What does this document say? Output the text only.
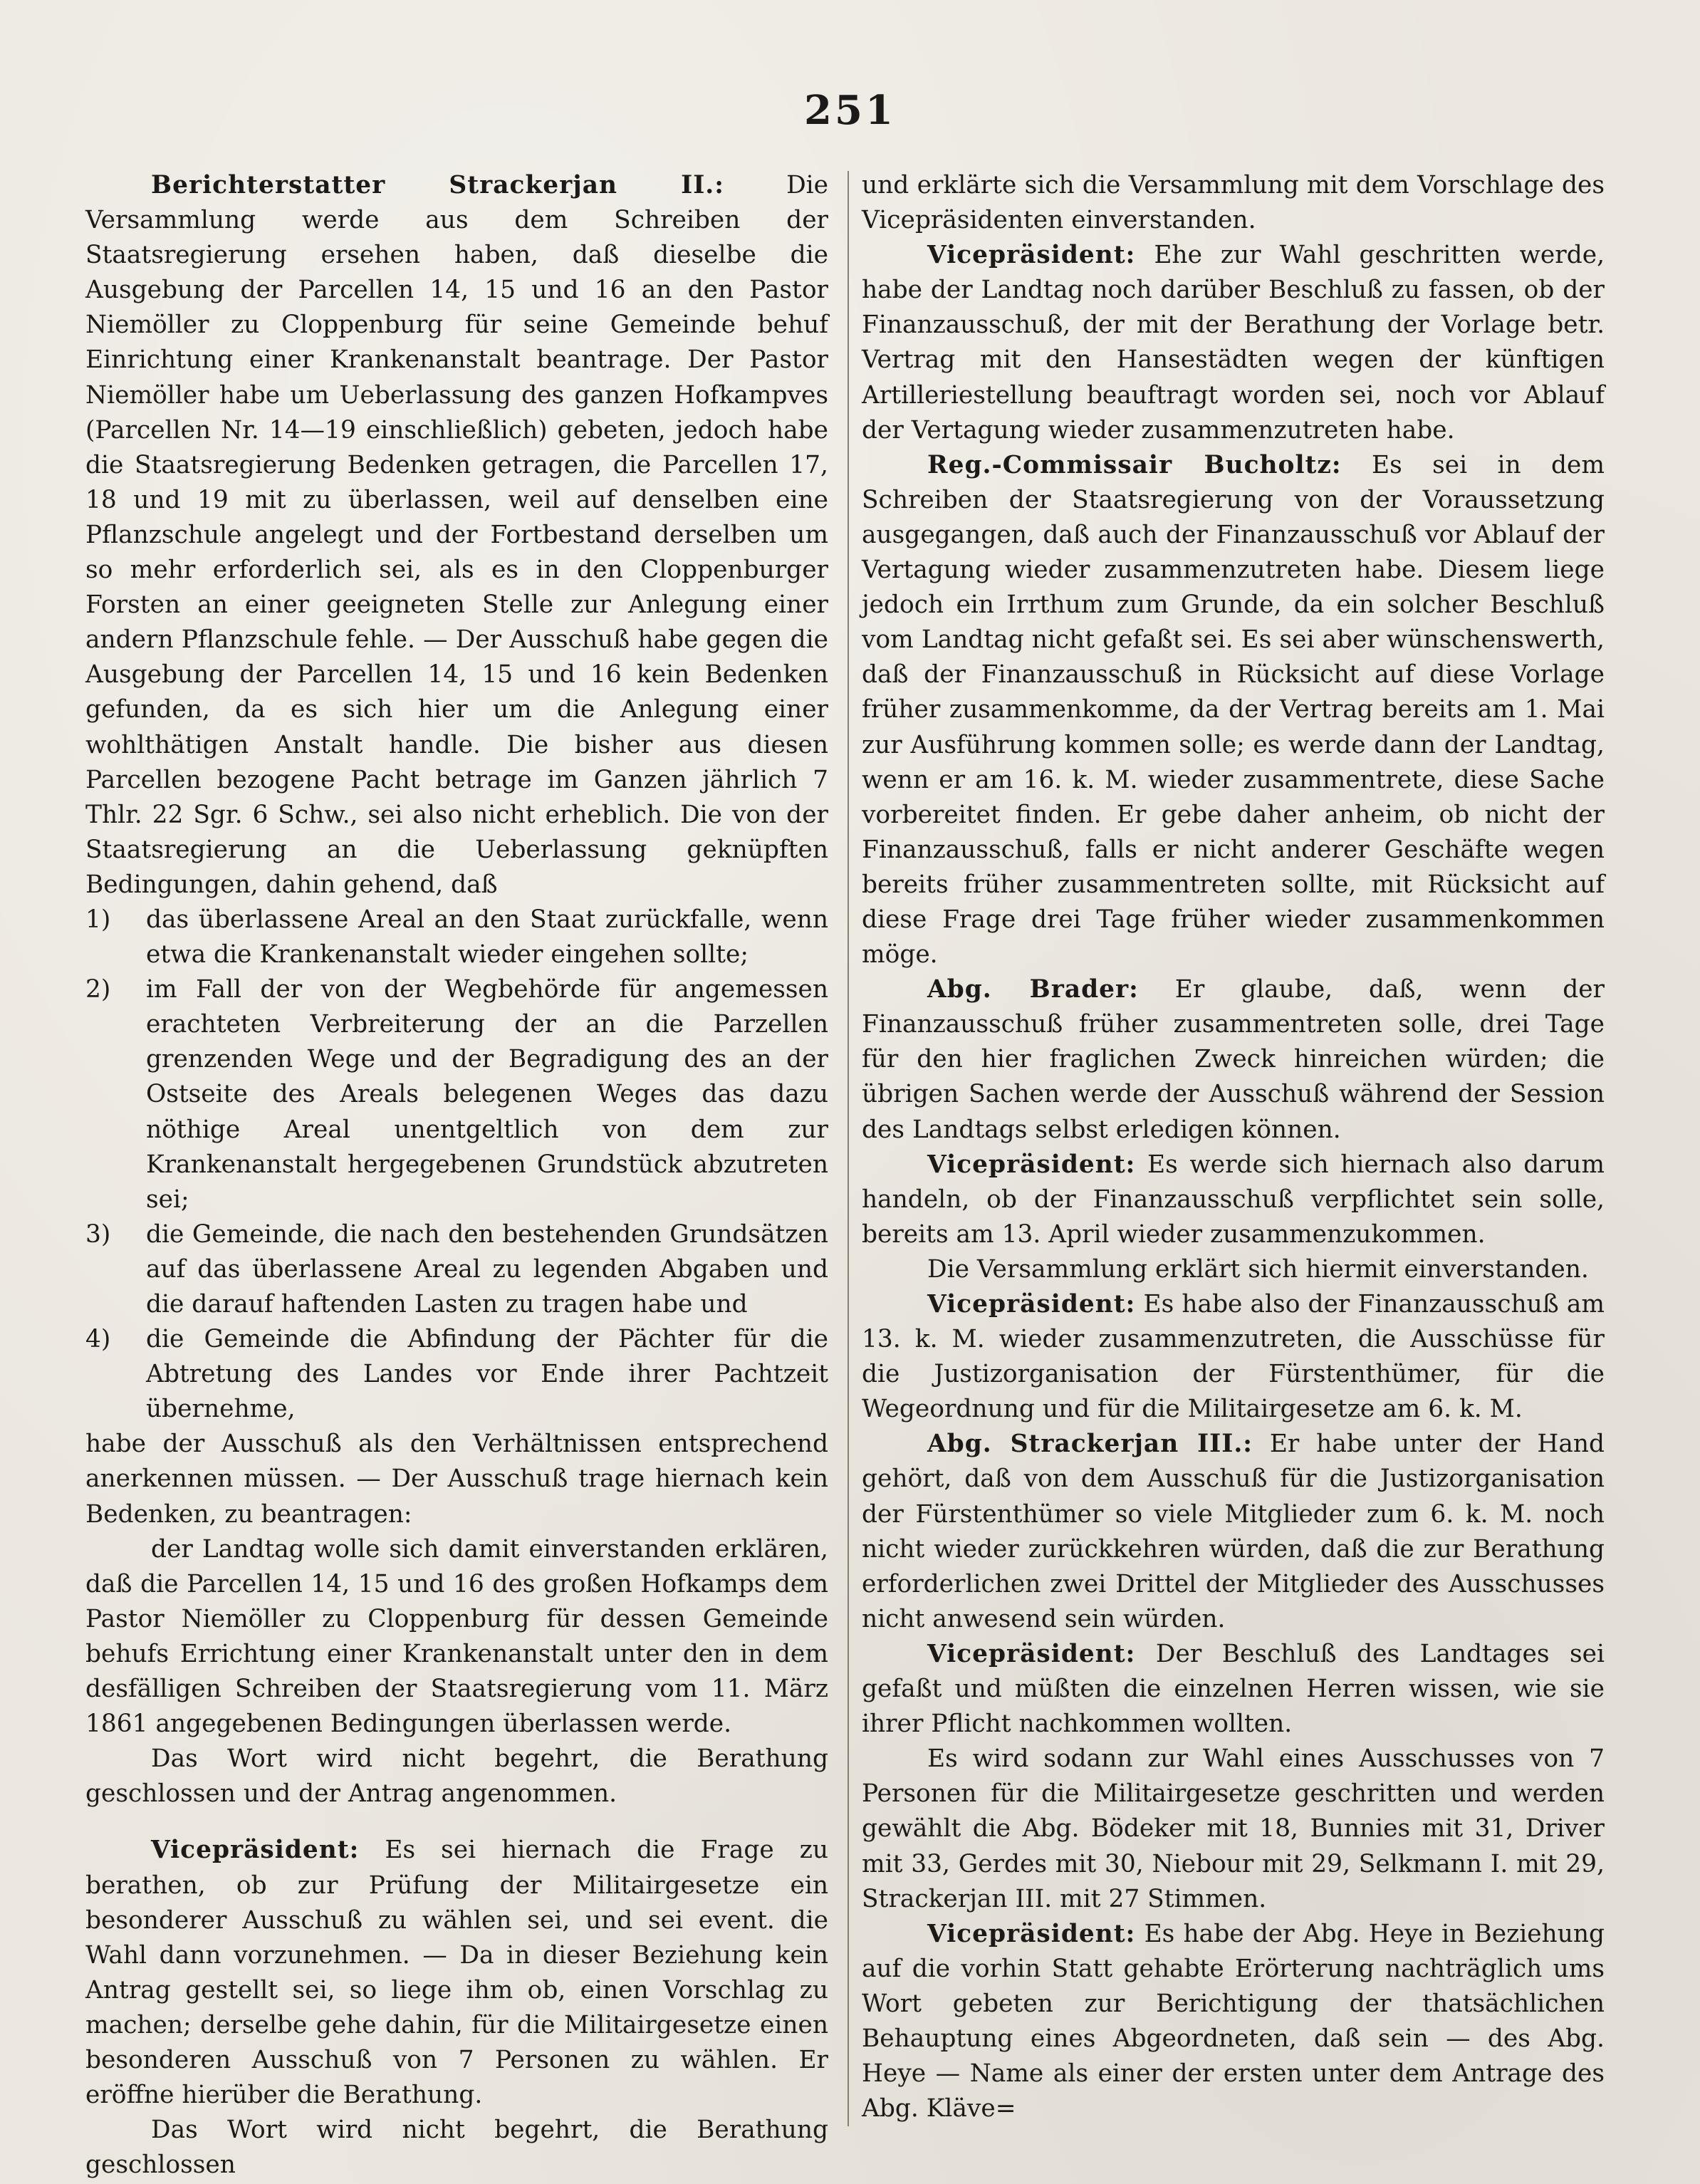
251

Berichterstatter Strackerjan II.:	Die Versammlung werde aus dem Schreiben der Staatsregierung ersehen haben, daß dieselbe die Ausgebung der Parcellen 14, 15 und 16 an den Pastor Niemöller zu Cloppenburg für seine Gemeinde behuf Einrichtung einer Krankenanstalt beantrage. Der Pastor Niemöller habe um Ueberlassung des ganzen Hofkampves (Parcellen Nr. 14—19 einschließlich) gebeten, jedoch habe die Staatsregierung Bedenken getragen, die Parcellen 17, 18 und 19 mit zu überlassen, weil auf denselben eine Pflanzschule angelegt und der Fortbestand derselben um so mehr erforderlich sei, als es in den Cloppenburger Forsten an einer geeigneten Stelle zur Anlegung einer andern Pflanzschule fehle. — Der Ausschuß habe gegen die Ausgebung der Parcellen 14, 15 und 16 kein Bedenken gefunden, da es sich hier um die Anlegung einer wohlthätigen Anstalt handle. Die bisher aus diesen Parcellen bezogene Pacht betrage im Ganzen jährlich 7 Thlr. 22 Sgr. 6 Schw., sei also nicht erheblich. Die von der Staatsregierung an die Ueberlassung geknüpften Bedingungen, dahin gehend, daß

1)	das überlassene Areal an den Staat zurückfalle, wenn etwa die Krankenanstalt wieder eingehen sollte;
2)	im Fall der von der Wegbehörde für angemessen erachteten Verbreiterung der an die Parzellen grenzenden Wege und der Begradigung des an der Ostseite des Areals belegenen Weges das dazu nöthige Areal unentgeltlich von dem zur Krankenanstalt hergegebenen Grundstück abzutreten sei;
3)	die Gemeinde, die nach den bestehenden Grundsätzen auf das überlassene Areal zu legenden Abgaben und die darauf haftenden Lasten zu tragen habe und
4)	die Gemeinde die Abfindung der Pächter für die Abtretung des Landes vor Ende ihrer Pachtzeit übernehme,

habe der Ausschuß als den Verhältnissen entsprechend anerkennen müssen. — Der Ausschuß trage hiernach kein Bedenken, zu beantragen:

der Landtag wolle sich damit einverstanden erklären, daß die Parcellen 14, 15 und 16 des großen Hofkamps dem Pastor Niemöller zu Cloppenburg für dessen Gemeinde behufs Errichtung einer Krankenanstalt unter den in dem desfälligen Schreiben der Staatsregierung vom 11. März 1861 angegebenen Bedingungen überlassen werde.

Das Wort wird nicht begehrt, die Berathung geschlossen und der Antrag angenommen.

Vicepräsident: Es sei hiernach die Frage zu berathen, ob zur Prüfung der Militairgesetze ein besonderer Ausschuß zu wählen sei, und sei event. die Wahl dann vorzunehmen. — Da in dieser Beziehung kein Antrag gestellt sei, so liege ihm ob, einen Vorschlag zu machen; derselbe gehe dahin, für die Militairgesetze einen besonderen Ausschuß von 7 Personen zu wählen. Er eröffne hierüber die Berathung.

Das Wort wird nicht begehrt, die Berathung geschlossen

und erklärte sich die Versammlung mit dem Vorschlage des Vicepräsidenten einverstanden.

Vicepräsident: Ehe zur Wahl geschritten werde, habe der Landtag noch darüber Beschluß zu fassen, ob der Finanzausschuß, der mit der Berathung der Vorlage betr. Vertrag mit den Hansestädten wegen der künftigen Artilleriestellung beauftragt worden sei, noch vor Ablauf der Vertagung wieder zusammenzutreten habe.

Reg.-Commissair Bucholtz: Es sei in dem Schreiben der Staatsregierung von der Voraussetzung ausgegangen, daß auch der Finanzausschuß vor Ablauf der Vertagung wieder zusammenzutreten habe. Diesem liege jedoch ein Irrthum zum Grunde, da ein solcher Beschluß vom Landtag nicht gefaßt sei. Es sei aber wünschenswerth, daß der Finanzausschuß in Rücksicht auf diese Vorlage früher zusammenkomme, da der Vertrag bereits am 1. Mai zur Ausführung kommen solle; es werde dann der Landtag, wenn er am 16. k. M. wieder zusammentrete, diese Sache vorbereitet finden. Er gebe daher anheim, ob nicht der Finanzausschuß, falls er nicht anderer Geschäfte wegen bereits früher zusammentreten sollte, mit Rücksicht auf diese Frage drei Tage früher wieder zusammenkommen möge.

Abg. Brader: Er glaube, daß, wenn der Finanzausschuß früher zusammentreten solle, drei Tage für den hier fraglichen Zweck hinreichen würden; die übrigen Sachen werde der Ausschuß während der Session des Landtags selbst erledigen können.

Vicepräsident: Es werde sich hiernach also darum handeln, ob der Finanzausschuß verpflichtet sein solle, bereits am 13. April wieder zusammenzukommen.

Die Versammlung erklärt sich hiermit einverstanden.

Vicepräsident: Es habe also der Finanzausschuß am 13. k. M. wieder zusammenzutreten, die Ausschüsse für die Justizorganisation der Fürstenthümer, für die Wegeordnung und für die Militairgesetze am 6. k. M.

Abg. Strackerjan III.: Er habe unter der Hand gehört, daß von dem Ausschuß für die Justizorganisation der Fürstenthümer so viele Mitglieder zum 6. k. M. noch nicht wieder zurückkehren würden, daß die zur Berathung erforderlichen zwei Drittel der Mitglieder des Ausschusses nicht anwesend sein würden.

Vicepräsident: Der Beschluß des Landtages sei gefaßt und müßten die einzelnen Herren wissen, wie sie ihrer Pflicht nachkommen wollten.

Es wird sodann zur Wahl eines Ausschusses von 7 Personen für die Militairgesetze geschritten und werden gewählt die Abg. Bödeker mit 18, Bunnies mit 31, Driver mit 33, Gerdes mit 30, Niebour mit 29, Selkmann I. mit 29, Strackerjan III. mit 27 Stimmen.

Vicepräsident: Es habe der Abg. Heye in Beziehung auf die vorhin Statt gehabte Erörterung nachträglich ums Wort gebeten zur Berichtigung der thatsächlichen Behauptung eines Abgeordneten, daß sein — des Abg. Heye — Name als einer der ersten unter dem Antrage des Abg. Kläve=
